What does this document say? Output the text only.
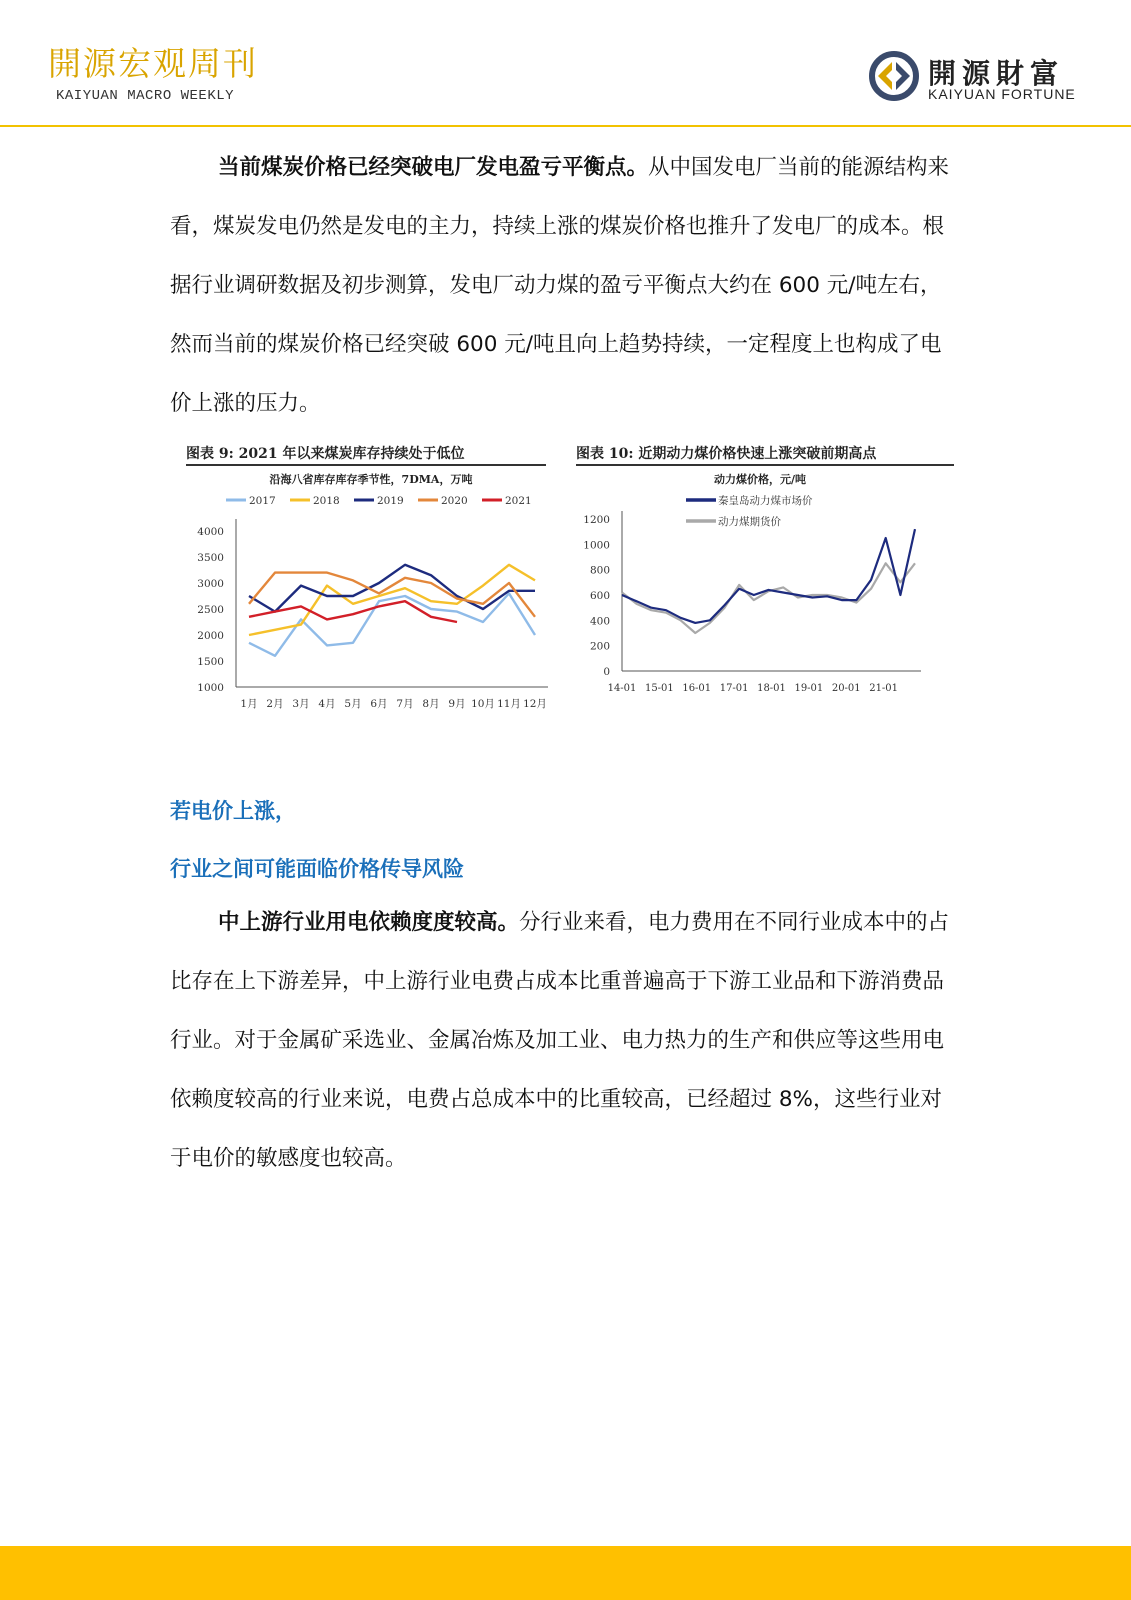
開源宏观周刊
KAIYUAN MACRO WEEKLY
開源財富
KAIYUAN FORTUNE

当前煤炭价格已经突破电厂发电盈亏平衡点。从中国发电厂当前的能源结构来看，煤炭发电仍然是发电的主力，持续上涨的煤炭价格也推升了发电厂的成本。根据行业调研数据及初步测算，发电厂动力煤的盈亏平衡点大约在 600 元/吨左右，然而当前的煤炭价格已经突破 600 元/吨且向上趋势持续，一定程度上也构成了电价上涨的压力。

图表 9: 2021 年以来煤炭库存持续处于低位
沿海八省库存库存季节性，7DMA，万吨
2017	2018	2019	2020	2021
1000
1500
2000
2500
3000
3500
4000
1月 2月 3月 4月 5月 6月 7月 8月 9月 10月 11月 12月
图表 10: 近期动力煤价格快速上涨突破前期高点
动力煤价格，元/吨
秦皇岛动力煤市场价
动力煤期货价
0
200
400
600
800
1000
1200
14-01 15-01 16-01 17-01 18-01 19-01 20-01 21-01
若电价上涨，
行业之间可能面临价格传导风险

中上游行业用电依赖度度较高。分行业来看，电力费用在不同行业成本中的占比存在上下游差异，中上游行业电费占成本比重普遍高于下游工业品和下游消费品行业。对于金属矿采选业、金属冶炼及加工业、电力热力的生产和供应等这些用电依赖度较高的行业来说，电费占总成本中的比重较高，已经超过 8%，这些行业对于电价的敏感度也较高。
